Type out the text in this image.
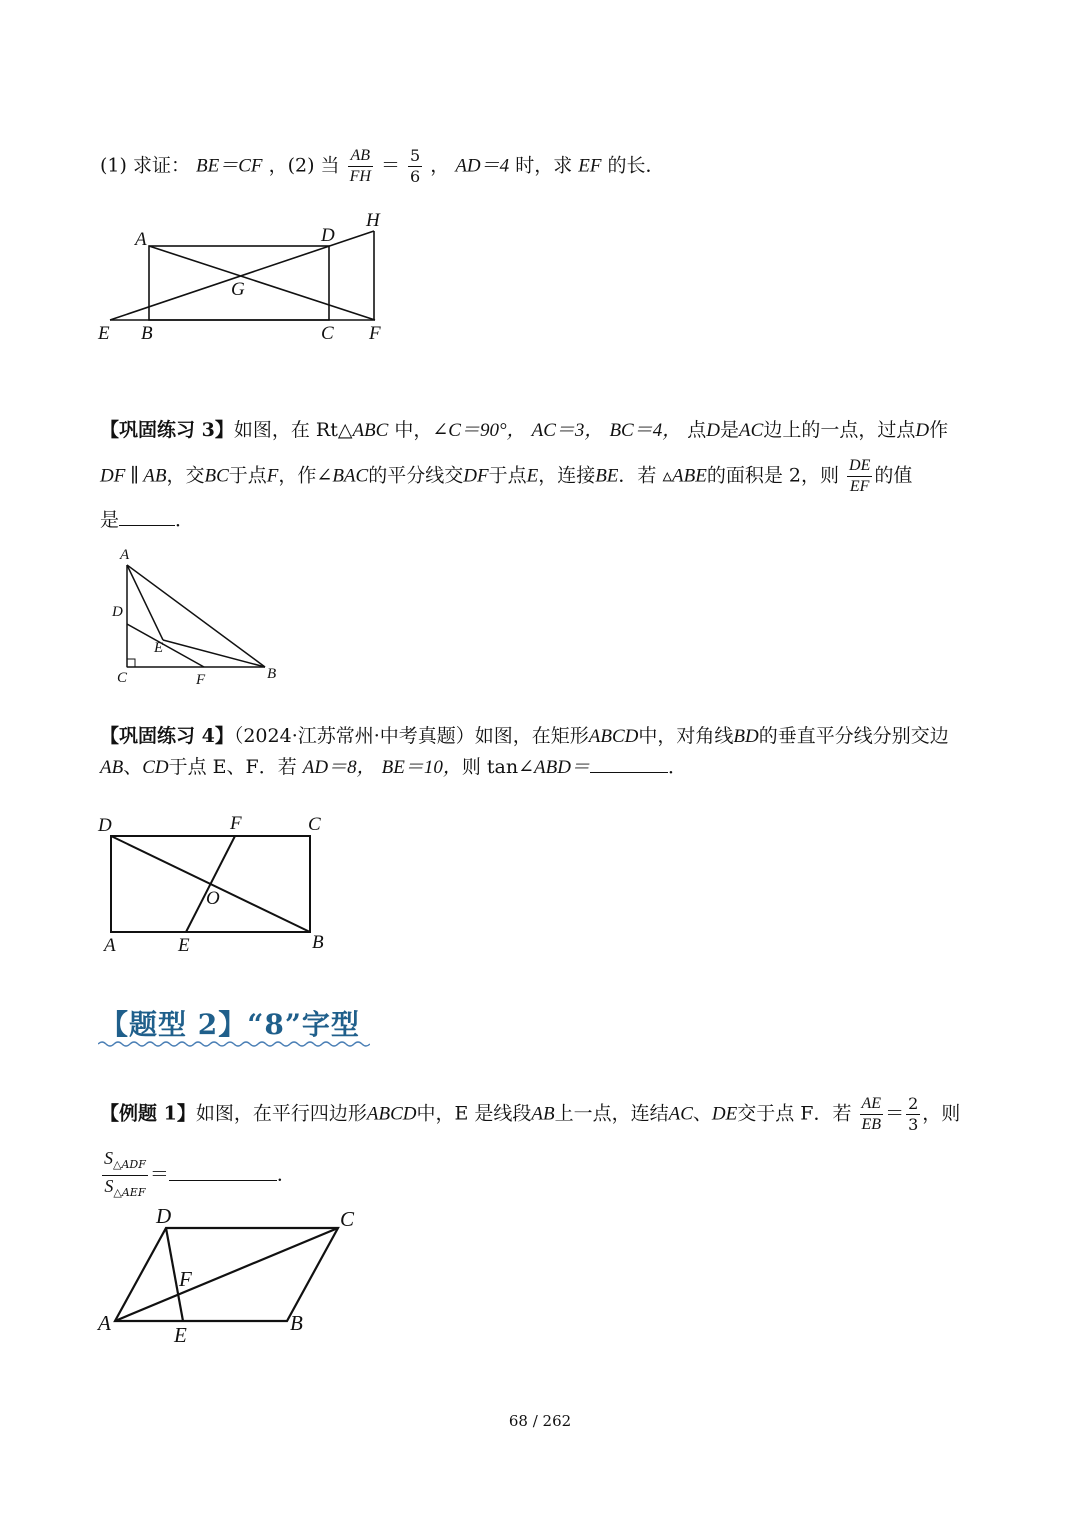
(1) 求证： BE＝CF ，(2) 当 $\frac{AB}{FH} = \frac{5}{6}$ ， AD＝4 时，求 EF 的长．
A	D
H
G
E B	C F
【巩固练习 3】如图，在 Rt△ABC 中，∠C＝90°， AC＝3， BC＝4， 点D是AC边上的一点，过点D作
DF ∥ AB，交BC于点F，作∠BAC的平分线交DF于点E，连接BE．若 ▵ABE的面积是 2，则 $\frac{DE}{EF}$ 的值
是	．
A
D
E
C	F	B
【巩固练习 4】（2024·江苏常州·中考真题）如图，在矩形ABCD中，对角线BD的垂直平分线分别交边
AB、CD于点 E、F．若 AD＝8， BE＝10，则 tan∠ABD＝	．
D	F	C
O
A	E	B
【题型 2】“8”字型
【例题 1】如图，在平行四边形ABCD中，E 是线段AB上一点，连结AC、DE交于点 F．若 $\frac{AE}{EB} = \frac{2}{3}$ ，则
$\frac{S_{\triangle ADF}}{S_{\triangle AEF}}$ ＝	．
D	C
F
A	E	B
68 / 262
